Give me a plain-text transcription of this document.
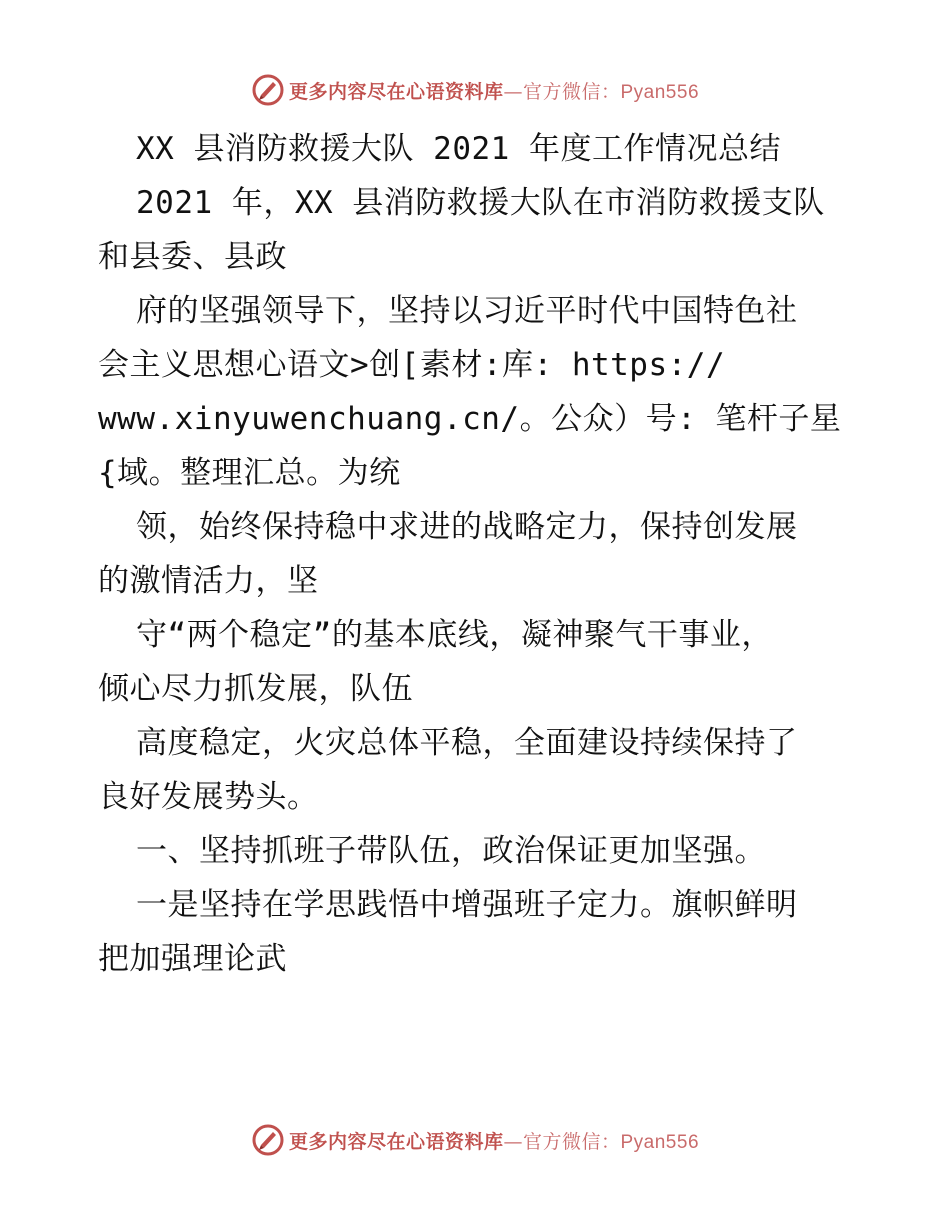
更多内容尽在心语资料库—官方微信：Pyan556
XX 县消防救援大队 2021 年度工作情况总结
2021 年，XX 县消防救援大队在市消防救援支队
和县委、县政
府的坚强领导下，坚持以习近平时代中国特色社
会主义思想心语文>创[素材:库: https://
www.xinyuwenchuang.cn/。公众）号: 笔杆子星
{域。整理汇总。为统
领，始终保持稳中求进的战略定力，保持创发展
的激情活力，坚
守“两个稳定”的基本底线，凝神聚气干事业，
倾心尽力抓发展，队伍
高度稳定，火灾总体平稳，全面建设持续保持了
良好发展势头。
一、坚持抓班子带队伍，政治保证更加坚强。
一是坚持在学思践悟中增强班子定力。旗帜鲜明
把加强理论武
更多内容尽在心语资料库—官方微信：Pyan556
